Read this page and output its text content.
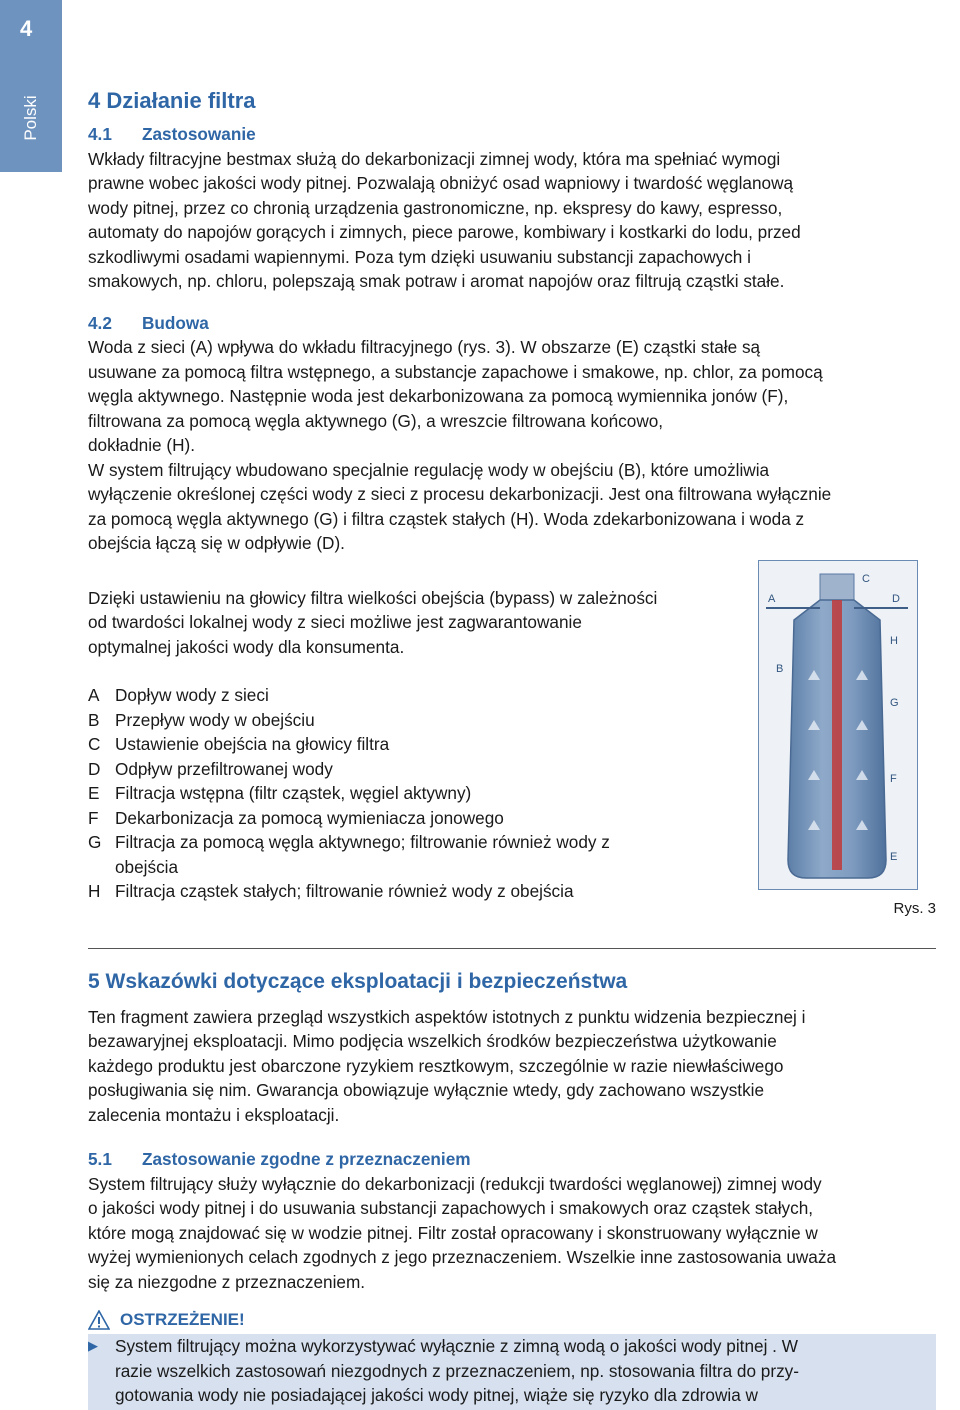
4
Polski 4 Działanie filtra
4.1 Zastosowanie

Wkłady filtracyjne bestmax służą do dekarbonizacji zimnej wody, która ma spełniać wymogi

prawne wobec jakości wody pitnej. Pozwalają obniżyć osad wapniowy i twardość węglanową

wody pitnej, przez co chronią urządzenia gastronomiczne, np. ekspresy do kawy, espresso,

automaty do napojów gorących i zimnych, piece parowe, kombiwary i kostkarki do lodu, przed

szkodliwymi osadami wapiennymi. Poza tym dzięki usuwaniu substancji zapachowych i

smakowych, np. chloru, polepszają smak potraw i aromat napojów oraz filtrują cząstki stałe.

4.2 Budowa

Woda z sieci (A) wpływa do wkładu filtracyjnego (rys. 3). W obszarze (E) cząstki stałe są

usuwane za pomocą filtra wstępnego, a substancje zapachowe i smakowe, np. chlor, za pomocą

węgla aktywnego. Następnie woda jest dekarbonizowana za pomocą wymiennika jonów (F),

filtrowana za pomocą węgla aktywnego (G), a wreszcie filtrowana końcowo,

dokładnie (H).

W system filtrujący wbudowano specjalnie regulację wody w obejściu (B), które umożliwia

wyłączenie określonej części wody z sieci z procesu dekarbonizacji. Jest ona filtrowana wyłącznie

za pomocą węgla aktywnego (G) i filtra cząstek stałych (H). Woda zdekarbonizowana i woda z

obejścia łączą się w odpływie (D).

Dzięki ustawieniu na głowicy filtra wielkości obejścia (bypass) w zależności

od twardości lokalnej wody z sieci możliwe jest zagwarantowanie

optymalnej jakości wody dla konsumenta.

A Dopływ wody z sieci
B Przepływ wody w obejściu
C Ustawienie obejścia na głowicy filtra
D Odpływ przefiltrowanej wody
E Filtracja wstępna (filtr cząstek, węgiel aktywny)
F Dekarbonizacja za pomocą wymieniacza jonowego
G Filtracja za pomocą węgla aktywnego; filtrowanie również wody z
obejścia
H Filtracja cząstek stałych; filtrowanie również wody z obejścia
A
B
C
D
E
F
G
H
Rys. 3
5 Wskazówki dotyczące eksploatacji i bezpieczeństwa

Ten fragment zawiera przegląd wszystkich aspektów istotnych z punktu widzenia bezpiecznej i

bezawaryjnej eksploatacji. Mimo podjęcia wszelkich środków bezpieczeństwa użytkowanie

każdego produktu jest obarczone ryzykiem resztkowym, szczególnie w razie niewłaściwego

posługiwania się nim. Gwarancja obowiązuje wyłącznie wtedy, gdy zachowano wszystkie

zalecenia montażu i eksploatacji.

5.1 Zastosowanie zgodne z przeznaczeniem

System filtrujący służy wyłącznie do dekarbonizacji (redukcji twardości węglanowej) zimnej wody

o jakości wody pitnej i do usuwania substancji zapachowych i smakowych oraz cząstek stałych,

które mogą znajdować się w wodzie pitnej. Filtr został opracowany i skonstruowany wyłącznie w

wyżej wymienionych celach zgodnych z jego przeznaczeniem. Wszelkie inne zastosowania uważa

się za niezgodne z przeznaczeniem.

OSTRZEŻENIE!
▶ System filtrujący można wykorzystywać wyłącznie z zimną wodą o jakości wody pitnej . W

razie wszelkich zastosowań niezgodnych z przeznaczeniem, np. stosowania filtra do przy-

gotowania wody nie posiadającej jakości wody pitnej, wiąże się ryzyko dla zdrowia w
